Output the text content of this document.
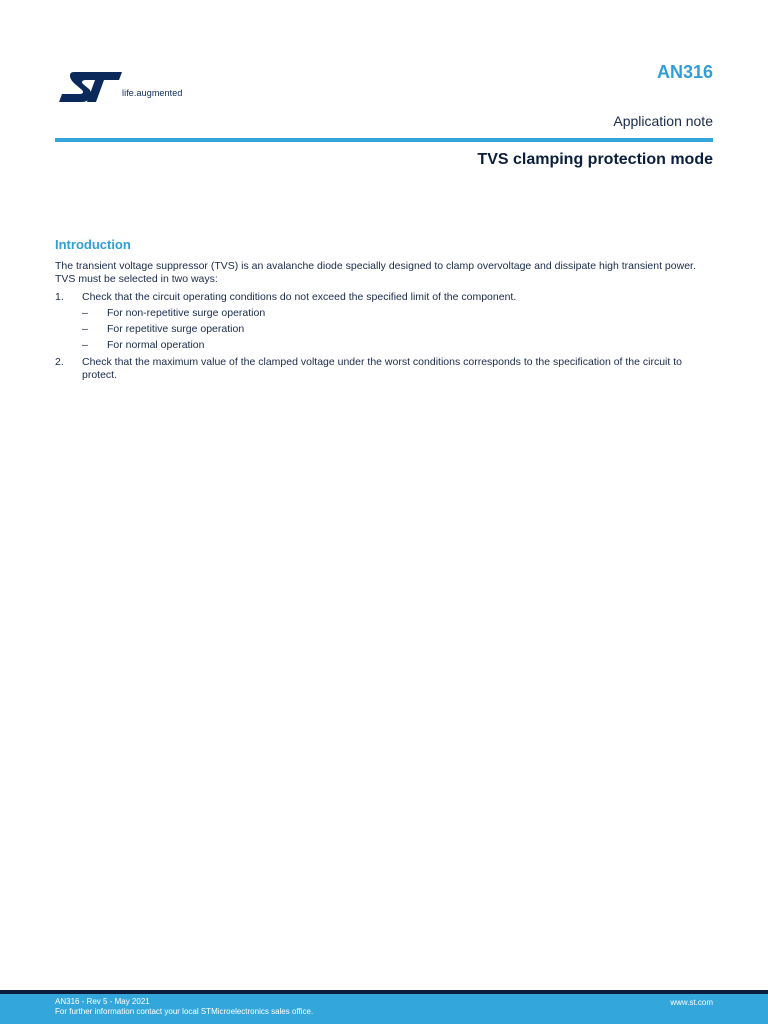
life.augmented
AN316
Application note
TVS clamping protection mode
Introduction
The transient voltage suppressor (TVS) is an avalanche diode specially designed to clamp overvoltage and dissipate high transient power. TVS must be selected in two ways:
1. Check that the circuit operating conditions do not exceed the specified limit of the component.
– For non-repetitive surge operation
– For repetitive surge operation
– For normal operation
2. Check that the maximum value of the clamped voltage under the worst conditions corresponds to the specification of the circuit to protect.
AN316 - Rev 5 - May 2021
For further information contact your local STMicroelectronics sales office.
www.st.com
